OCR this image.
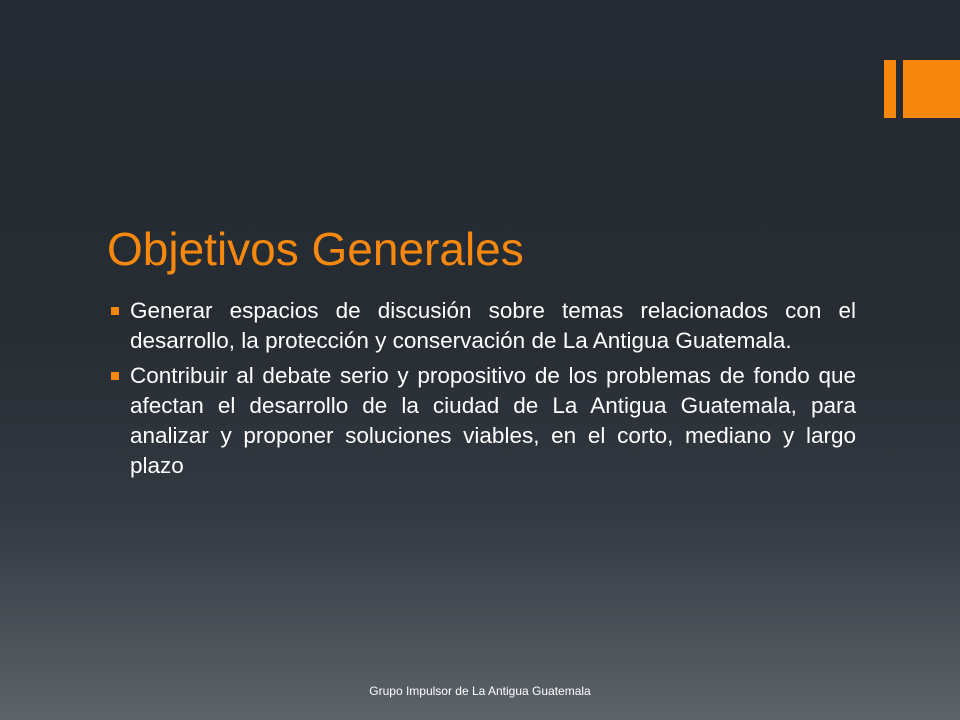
Objetivos Generales
Generar espacios de discusión sobre temas relacionados con el desarrollo, la protección y conservación de La Antigua Guatemala.
Contribuir al debate serio y propositivo de los problemas de fondo que afectan el desarrollo de la ciudad de La Antigua Guatemala, para analizar y proponer soluciones viables, en el corto, mediano y largo plazo
Grupo Impulsor de La Antigua Guatemala
